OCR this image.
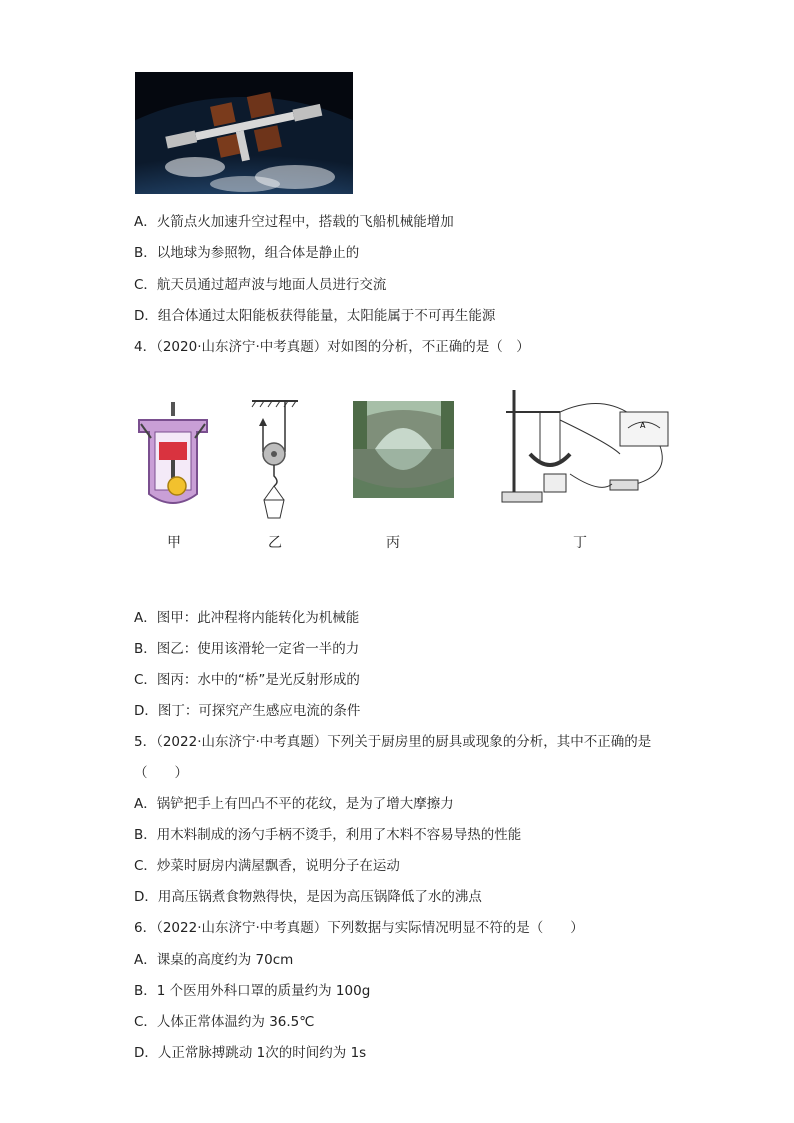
A．火箭点火加速升空过程中，搭载的飞船机械能增加
B．以地球为参照物，组合体是静止的
C．航天员通过超声波与地面人员进行交流
D．组合体通过太阳能板获得能量，太阳能属于不可再生能源
4．（2020·山东济宁·中考真题）对如图的分析，不正确的是（　）
甲	乙	丙
A
丁
A．图甲：此冲程将内能转化为机械能
B．图乙：使用该滑轮一定省一半的力
C．图丙：水中的“桥”是光反射形成的
D．图丁：可探究产生感应电流的条件
5．（2022·山东济宁·中考真题）下列关于厨房里的厨具或现象的分析，其中不正确的是
（　　）
A．锅铲把手上有凹凸不平的花纹，是为了增大摩擦力
B．用木料制成的汤勺手柄不烫手，利用了木料不容易导热的性能
C．炒菜时厨房内满屋飘香，说明分子在运动
D．用高压锅煮食物熟得快，是因为高压锅降低了水的沸点
6．（2022·山东济宁·中考真题）下列数据与实际情况明显不符的是（　　）
A．课桌的高度约为 70cm
B．1 个医用外科口罩的质量约为 100g
C．人体正常体温约为 36.5℃
D．人正常脉搏跳动 1次的时间约为 1s
